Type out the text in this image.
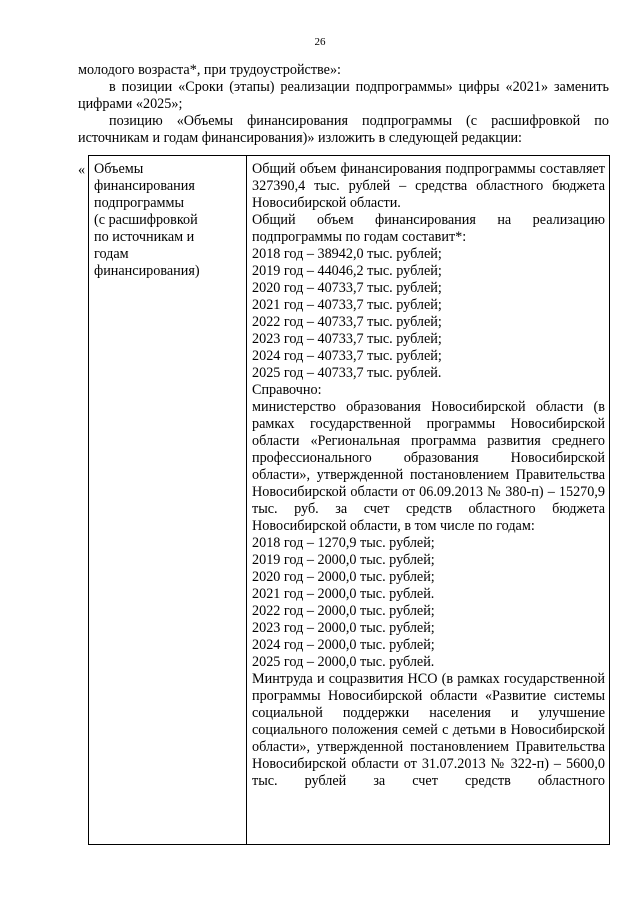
26

молодого возраста*, при трудоустройстве»:

в позиции «Сроки (этапы) реализации подпрограммы» цифры «2021» заменить цифрами «2025»;

позицию «Объемы финансирования подпрограммы (с расшифровкой по источникам и годам финансирования)» изложить в следующей редакции:

« Объемы
финансирования
подпрограммы
(с расшифровкой
по источникам и
годам
финансирования)

Общий объем финансирования подпрограммы составляет 327390,4 тыс. рублей – средства областного бюджета Новосибирской области.
Общий объем финансирования на реализацию подпрограммы по годам составит*:
2018 год – 38942,0 тыс. рублей;
2019 год – 44046,2 тыс. рублей;
2020 год – 40733,7 тыс. рублей;
2021 год – 40733,7 тыс. рублей;
2022 год – 40733,7 тыс. рублей;
2023 год – 40733,7 тыс. рублей;
2024 год – 40733,7 тыс. рублей;
2025 год – 40733,7 тыс. рублей.
Справочно:
министерство образования Новосибирской области (в рамках государственной программы Новосибирской области «Региональная программа развития среднего профессионального образования Новосибирской области», утвержденной постановлением Правительства Новосибирской области от 06.09.2013 № 380-п) – 15270,9 тыс. руб. за счет средств областного бюджета Новосибирской области, в том числе по годам:
2018 год – 1270,9 тыс. рублей;
2019 год – 2000,0 тыс. рублей;
2020 год – 2000,0 тыс. рублей;
2021 год – 2000,0 тыс. рублей.
2022 год – 2000,0 тыс. рублей;
2023 год – 2000,0 тыс. рублей;
2024 год – 2000,0 тыс. рублей;
2025 год – 2000,0 тыс. рублей.
Минтруда и соцразвития НСО (в рамках государственной программы Новосибирской области «Развитие системы социальной поддержки населения и улучшение социального положения семей с детьми в Новосибирской области», утвержденной постановлением Правительства Новосибирской области от 31.07.2013 № 322-п) – 5600,0 тыс. рублей за счет средств областного
